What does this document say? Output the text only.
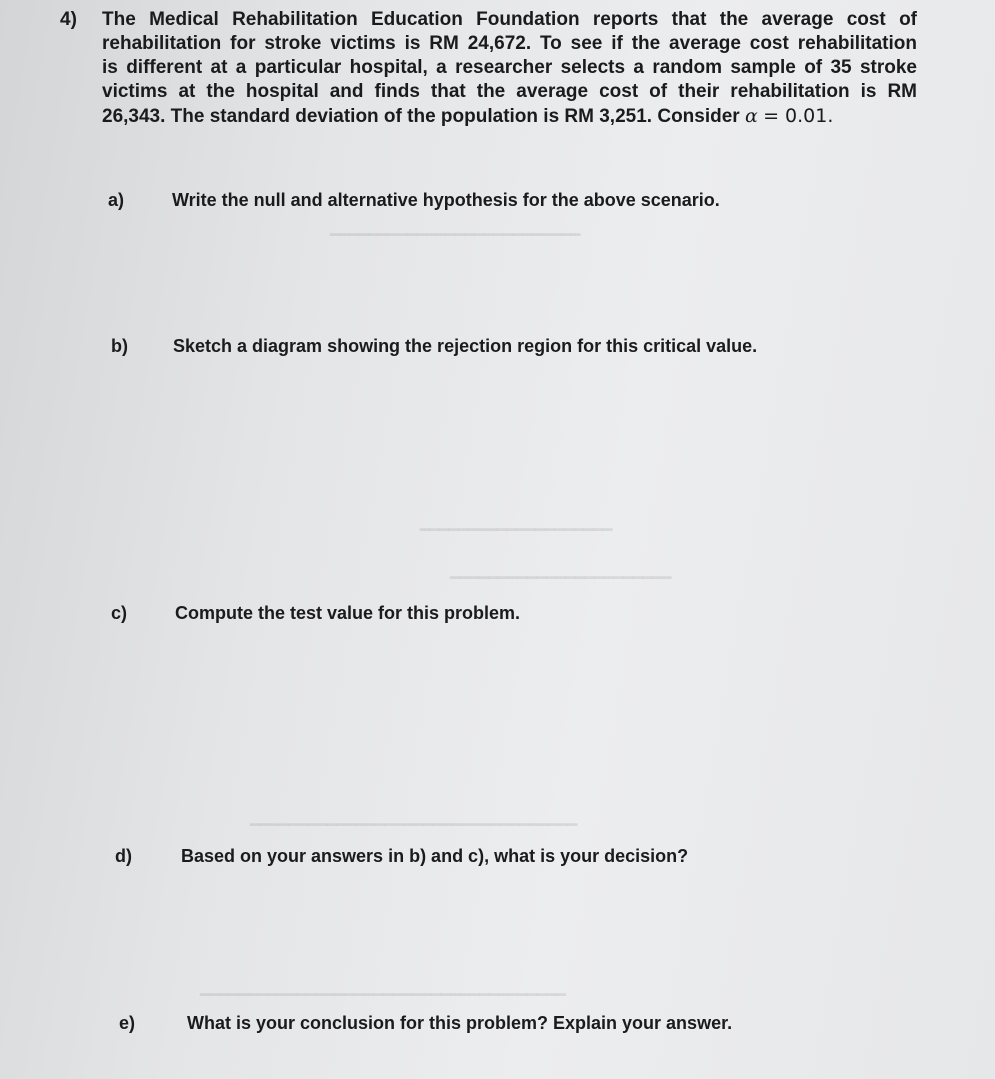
━━━━━━━━━━━━━━━━━━━━━━━━━━
━━━━━━━━━━━━━━━━━━━━
━━━━━━━━━━━━━━━━━━━━━━━
━━━━━━━━━━━━━━━━━━━━━━━━━━━━━━━━━━
━━━━━━━━━━━━━━━━━━━━━━━━━━━━━━━━━━━━━━
4)	The Medical Rehabilitation Education Foundation reports that the average cost of
rehabilitation for stroke victims is RM 24,672. To see if the average cost rehabilitation
is different at a particular hospital, a researcher selects a random sample of 35 stroke
victims at the hospital and finds that the average cost of their rehabilitation is RM
26,343. The standard deviation of the population is RM 3,251. Consider α = 0.01.
a)	Write the null and alternative hypothesis for the above scenario.
b)	Sketch a diagram showing the rejection region for this critical value.
c)	Compute the test value for this problem.
d)	Based on your answers in b) and c), what is your decision?
e)	What is your conclusion for this problem? Explain your answer.
